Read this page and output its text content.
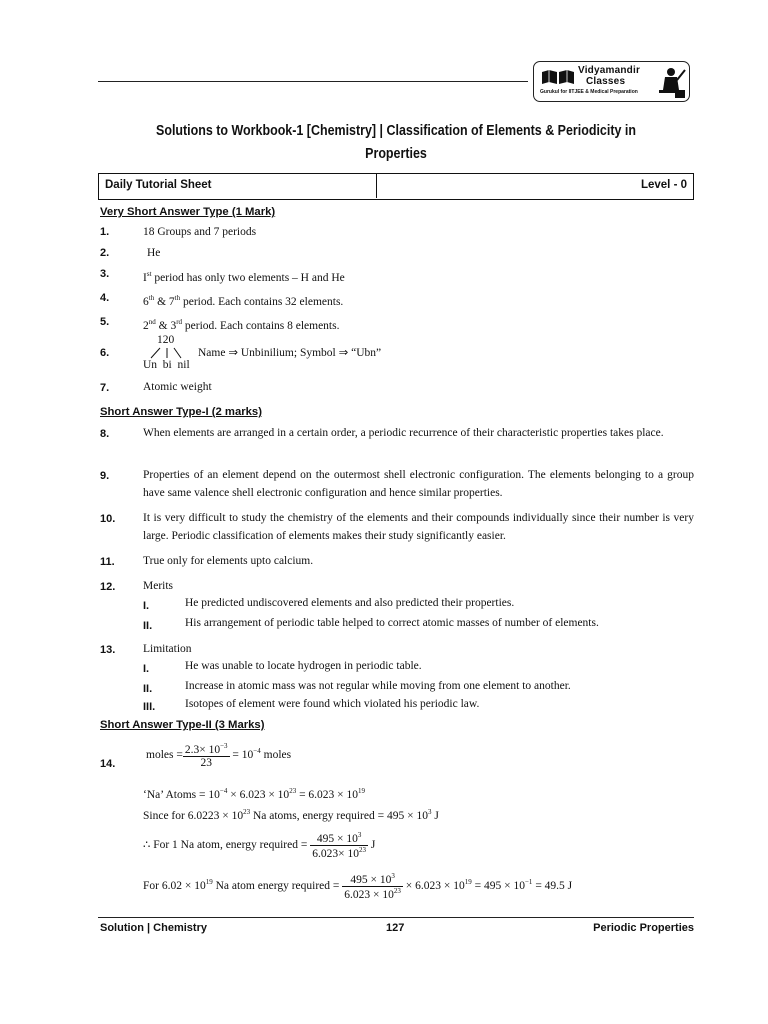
Vidyamandir
Classes
Gurukul for IITJEE & Medical Preparation
Solutions to Workbook-1 [Chemistry] | Classification of Elements & Periodicity in
Properties
Daily Tutorial Sheet	Level - 0
Very Short Answer Type (1 Mark)
1.	18 Groups and 7 periods
2.	He
3.	Ist period has only two elements – H and He
4.	6th & 7th period. Each contains 32 elements.
5.	2nd & 3rd period. Each contains 8 elements.
6.
120
Un  bi  nil
Name ⇒ Unbinilium; Symbol ⇒ “Ubn”
7.	Atomic weight
Short Answer Type-I (2 marks)
8.	When elements are arranged in a certain order, a periodic recurrence of their characteristic properties takes place.
9.	Properties of an element depend on the outermost shell electronic configuration. The elements belonging to a group have same valence shell electronic configuration and hence similar properties.
10. It is very difficult to study the chemistry of the elements and their compounds individually since their number is very large. Periodic classification of elements makes their study significantly easier.
11. True only for elements upto calcium.
12. Merits
I.	He predicted undiscovered elements and also predicted their properties.
II.	His arrangement of periodic table helped to correct atomic masses of number of elements.
13. Limitation
I.	He was unable to locate hydrogen in periodic table.
II.	Increase in atomic mass was not regular while moving from one element to another.
III.	Isotopes of element were found which violated his periodic law.
Short Answer Type-II (3 Marks)
14.
moles = $\frac{2.3\times 10^{-3}}{23} = 10^{-4}$ moles
‘Na’ Atoms = $10^{-4} \times 6.023 \times 10^{23} = 6.023 \times 10^{19}$
Since for $6.0223 \times 10^{23}$ Na atoms, energy required = $495 \times 10^3$ J
∴ For 1 Na atom, energy required = $\frac{495 \times 10^3}{6.023\times 10^{23}}$ J
For $6.02 \times 10^{19}$ Na atom energy required = $\frac{495 \times 10^3}{6.023 \times 10^{23}} \times 6.023 \times 10^{19} = 495 \times 10^{-1} = 49.5$ J
Solution | Chemistry	127	Periodic Properties
